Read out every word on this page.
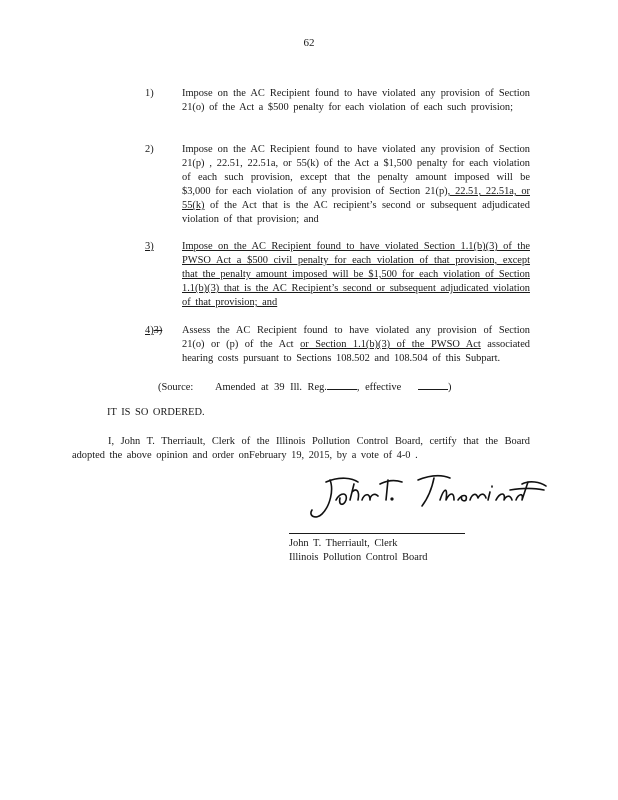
62
1)	Impose on the AC Recipient found to have violated any provision of Section 21(o) of the Act a $500 penalty for each violation of each such provision;
2)	Impose on the AC Recipient found to have violated any provision of Section 21(p) , 22.51, 22.51a, or 55(k) of the Act a $1,500 penalty for each violation of each such provision, except that the penalty amount imposed will be $3,000 for each violation of any provision of Section 21(p), 22.51, 22.51a, or 55(k) of the Act that is the AC recipient’s second or subsequent adjudicated violation of that provision; and
3)	Impose on the AC Recipient found to have violated Section 1.1(b)(3) of the PWSO Act a $500 civil penalty for each violation of that provision, except that the penalty amount imposed will be $1,500 for each violation of Section 1.1(b)(3) that is the AC Recipient’s second or subsequent adjudicated violation of that provision; and
4)3)	Assess the AC Recipient found to have violated any provision of Section 21(o) or (p) of the Act or Section 1.1(b)(3) of the PWSO Act associated hearing costs pursuant to Sections 108.502 and 108.504 of this Subpart.
(Source: Amended at 39 Ill. Reg.	, effective	)
IT IS SO ORDERED.
I, John T. Therriault, Clerk of the Illinois Pollution Control Board, certify that the Board adopted the above opinion and order onFebruary 19, 2015, by a vote of 4-0 .
John T. Therriault, Clerk
Illinois Pollution Control Board
